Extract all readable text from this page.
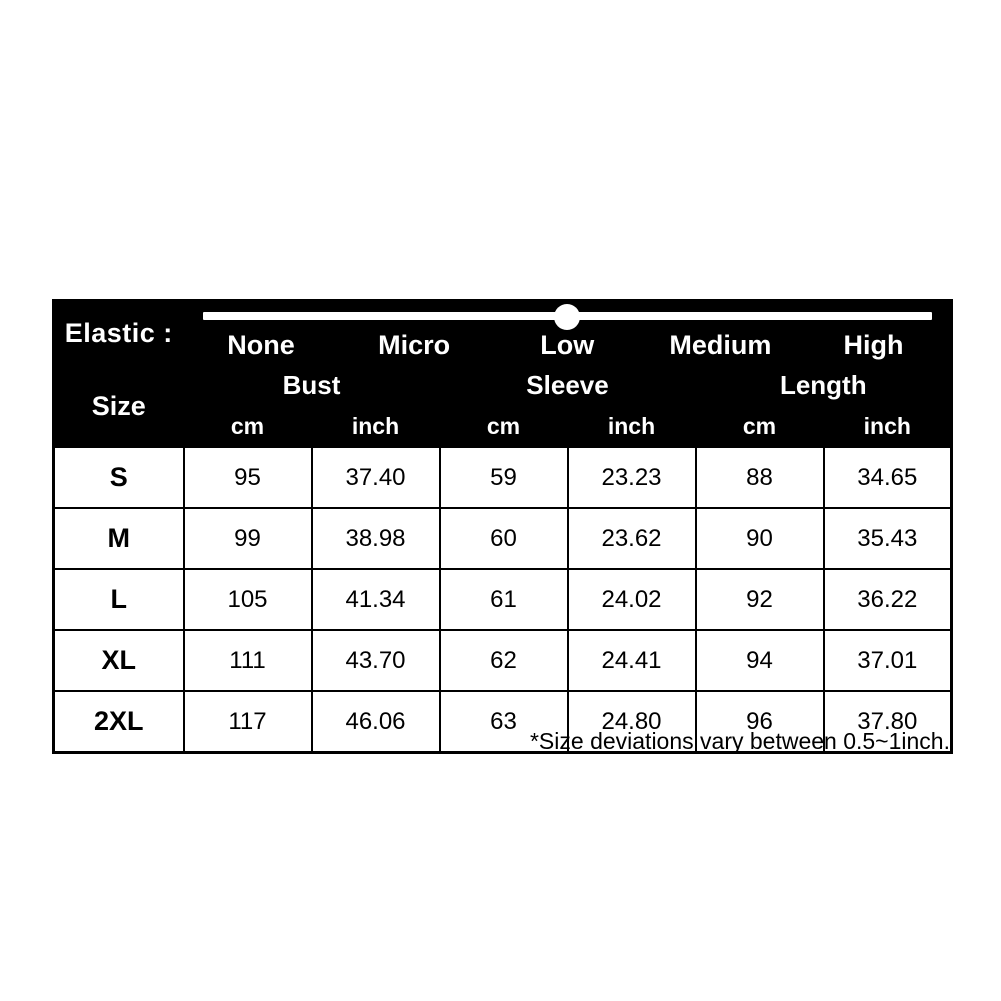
Elastic :	None Micro Low Medium High					

Size	Bust		Sleeve		Length	
	cm	inch	cm	inch	cm	inch
S	95	37.40	59	23.23	88	34.65
M	99	38.98	60	23.62	90	35.43
L	105	41.34	61	24.02	92	36.22
XL	111	43.70	62	24.41	94	37.01
2XL	117	46.06	63	24.80	96	37.80
*Size deviations vary between 0.5~1inch.
